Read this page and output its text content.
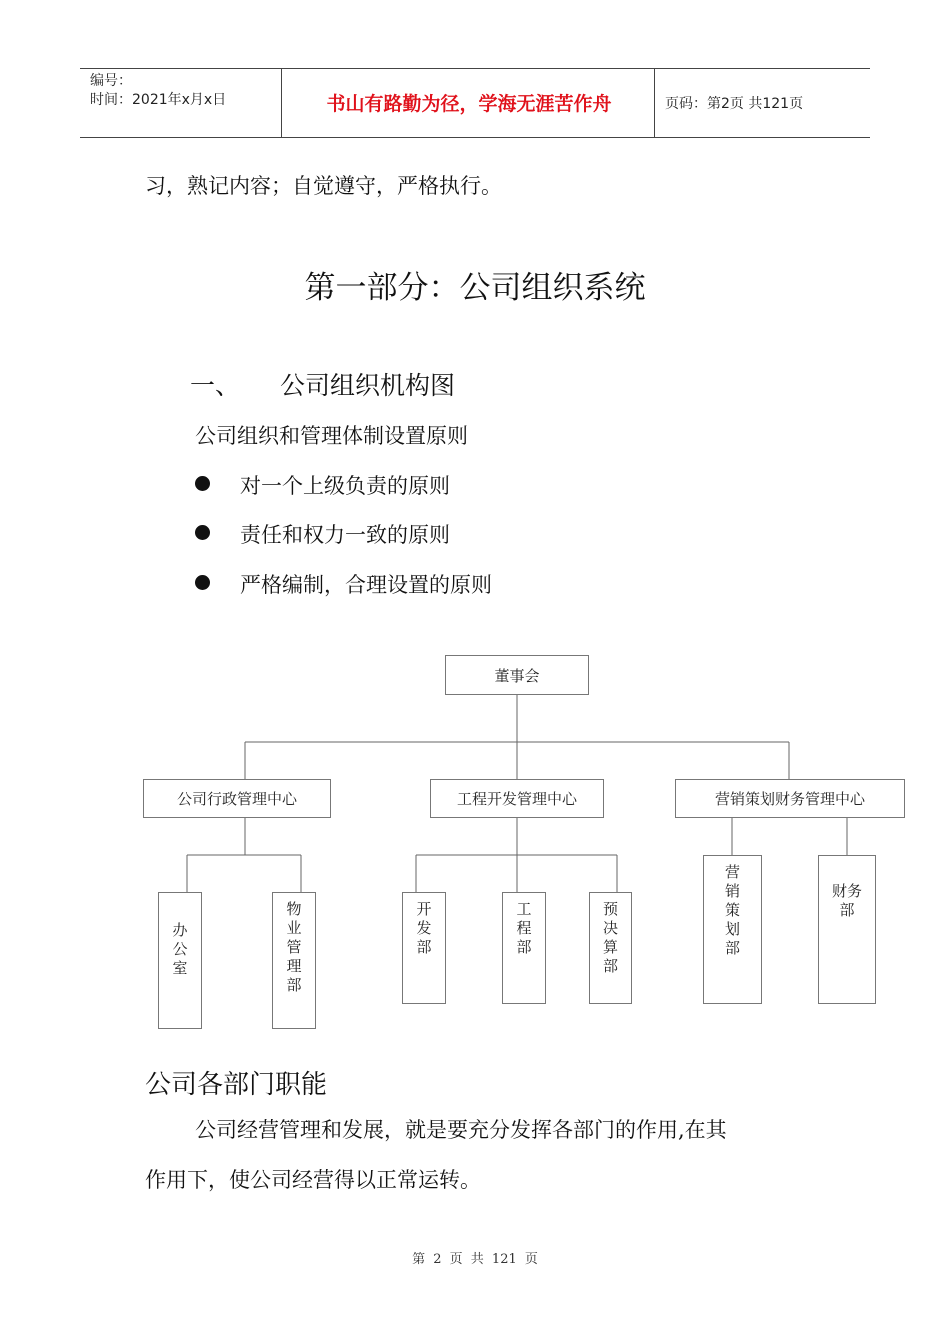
编号：
时间：2021年x月x日	书山有路勤为径，学海无涯苦作舟	页码：第2页 共121页
习，熟记内容；自觉遵守，严格执行。
第一部分：公司组织系统
一、 公司组织机构图
公司组织和管理体制设置原则
对一个上级负责的原则
责任和权力一致的原则
严格编制，合理设置的原则
董事会
公司行政管理中心	工程开发管理中心	营销策划财务管理中心
办公室
物业管理部
开发部
工程部
预决算部
营销策划部
财务部
公司各部门职能
公司经营管理和发展，就是要充分发挥各部门的作用,在其
作用下，使公司经营得以正常运转。
第 2 页 共 121 页
